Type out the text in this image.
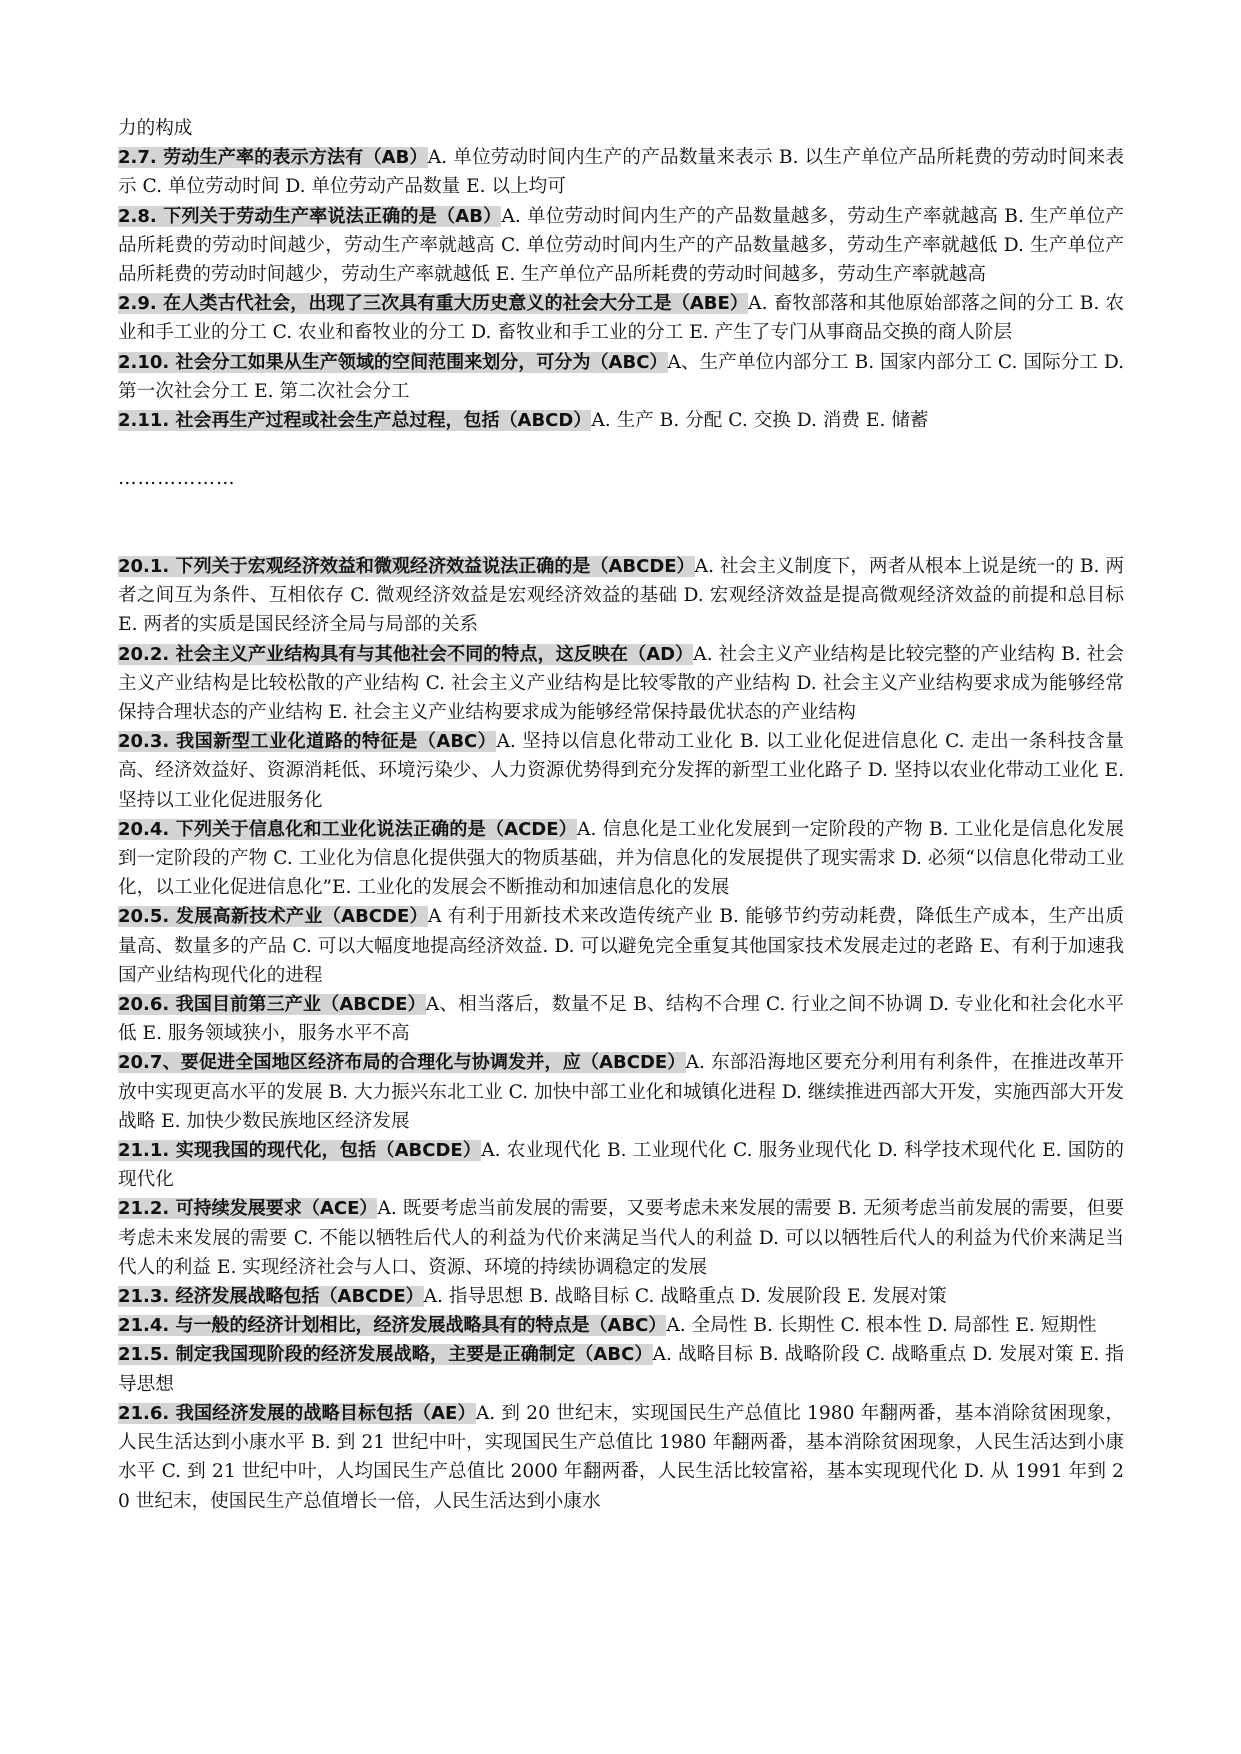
力的构成

2.7. 劳动生产率的表示方法有（AB）A. 单位劳动时间内生产的产品数量来表示 B. 以生产单位产品所耗费的劳动时间来表示 C. 单位劳动时间 D. 单位劳动产品数量 E. 以上均可

2.8. 下列关于劳动生产率说法正确的是（AB）A. 单位劳动时间内生产的产品数量越多，劳动生产率就越高 B. 生产单位产品所耗费的劳动时间越少，劳动生产率就越高 C. 单位劳动时间内生产的产品数量越多，劳动生产率就越低 D. 生产单位产品所耗费的劳动时间越少，劳动生产率就越低 E. 生产单位产品所耗费的劳动时间越多，劳动生产率就越高

2.9. 在人类古代社会，出现了三次具有重大历史意义的社会大分工是（ABE）A. 畜牧部落和其他原始部落之间的分工 B. 农业和手工业的分工 C. 农业和畜牧业的分工 D. 畜牧业和手工业的分工 E. 产生了专门从事商品交换的商人阶层

2.10. 社会分工如果从生产领域的空间范围来划分，可分为（ABC）A、生产单位内部分工 B. 国家内部分工 C. 国际分工 D. 第一次社会分工 E. 第二次社会分工

2.11. 社会再生产过程或社会生产总过程，包括（ABCD）A. 生产 B. 分配 C. 交换 D. 消费 E. 储蓄

………………

20.1. 下列关于宏观经济效益和微观经济效益说法正确的是（ABCDE）A. 社会主义制度下，两者从根本上说是统一的 B. 两者之间互为条件、互相依存 C. 微观经济效益是宏观经济效益的基础 D. 宏观经济效益是提高微观经济效益的前提和总目标 E. 两者的实质是国民经济全局与局部的关系

20.2. 社会主义产业结构具有与其他社会不同的特点，这反映在（AD）A. 社会主义产业结构是比较完整的产业结构 B. 社会主义产业结构是比较松散的产业结构 C. 社会主义产业结构是比较零散的产业结构 D. 社会主义产业结构要求成为能够经常保持合理状态的产业结构 E. 社会主义产业结构要求成为能够经常保持最优状态的产业结构

20.3. 我国新型工业化道路的特征是（ABC）A. 坚持以信息化带动工业化 B. 以工业化促进信息化 C. 走出一条科技含量高、经济效益好、资源消耗低、环境污染少、人力资源优势得到充分发挥的新型工业化路子 D. 坚持以农业化带动工业化 E. 坚持以工业化促进服务化

20.4. 下列关于信息化和工业化说法正确的是（ACDE）A. 信息化是工业化发展到一定阶段的产物 B. 工业化是信息化发展到一定阶段的产物 C. 工业化为信息化提供强大的物质基础，并为信息化的发展提供了现实需求 D. 必须“以信息化带动工业化，以工业化促进信息化”E. 工业化的发展会不断推动和加速信息化的发展

20.5. 发展高新技术产业（ABCDE）A 有利于用新技术来改造传统产业 B. 能够节约劳动耗费，降低生产成本，生产出质量高、数量多的产品 C. 可以大幅度地提高经济效益. D. 可以避免完全重复其他国家技术发展走过的老路 E、有利于加速我国产业结构现代化的进程

20.6. 我国目前第三产业（ABCDE）A、相当落后，数量不足 B、结构不合理 C. 行业之间不协调 D. 专业化和社会化水平低 E. 服务领域狭小，服务水平不高

20.7、要促进全国地区经济布局的合理化与协调发并，应（ABCDE）A. 东部沿海地区要充分利用有利条件，在推进改革开放中实现更高水平的发展 B. 大力振兴东北工业 C. 加快中部工业化和城镇化进程 D. 继续推进西部大开发，实施西部大开发战略 E. 加快少数民族地区经济发展

21.1. 实现我国的现代化，包括（ABCDE）A. 农业现代化 B. 工业现代化 C. 服务业现代化 D. 科学技术现代化 E. 国防的现代化

21.2. 可持续发展要求（ACE）A. 既要考虑当前发展的需要，又要考虑未来发展的需要 B. 无须考虑当前发展的需要，但要考虑未来发展的需要 C. 不能以牺牲后代人的利益为代价来满足当代人的利益 D. 可以以牺牲后代人的利益为代价来满足当代人的利益 E. 实现经济社会与人口、资源、环境的持续协调稳定的发展

21.3. 经济发展战略包括（ABCDE）A. 指导思想 B. 战略目标 C. 战略重点 D. 发展阶段 E. 发展对策

21.4. 与一般的经济计划相比，经济发展战略具有的特点是（ABC）A. 全局性 B. 长期性 C. 根本性 D. 局部性 E. 短期性

21.5. 制定我国现阶段的经济发展战略，主要是正确制定（ABC）A. 战略目标 B. 战略阶段 C. 战略重点 D. 发展对策 E. 指导思想

21.6. 我国经济发展的战略目标包括（AE）A. 到 20 世纪末，实现国民生产总值比 1980 年翻两番，基本消除贫困现象，人民生活达到小康水平 B. 到 21 世纪中叶，实现国民生产总值比 1980 年翻两番，基本消除贫困现象，人民生活达到小康水平 C. 到 21 世纪中叶，人均国民生产总值比 2000 年翻两番，人民生活比较富裕，基本实现现代化 D. 从 1991 年到 20 世纪末，使国民生产总值增长一倍，人民生活达到小康水
